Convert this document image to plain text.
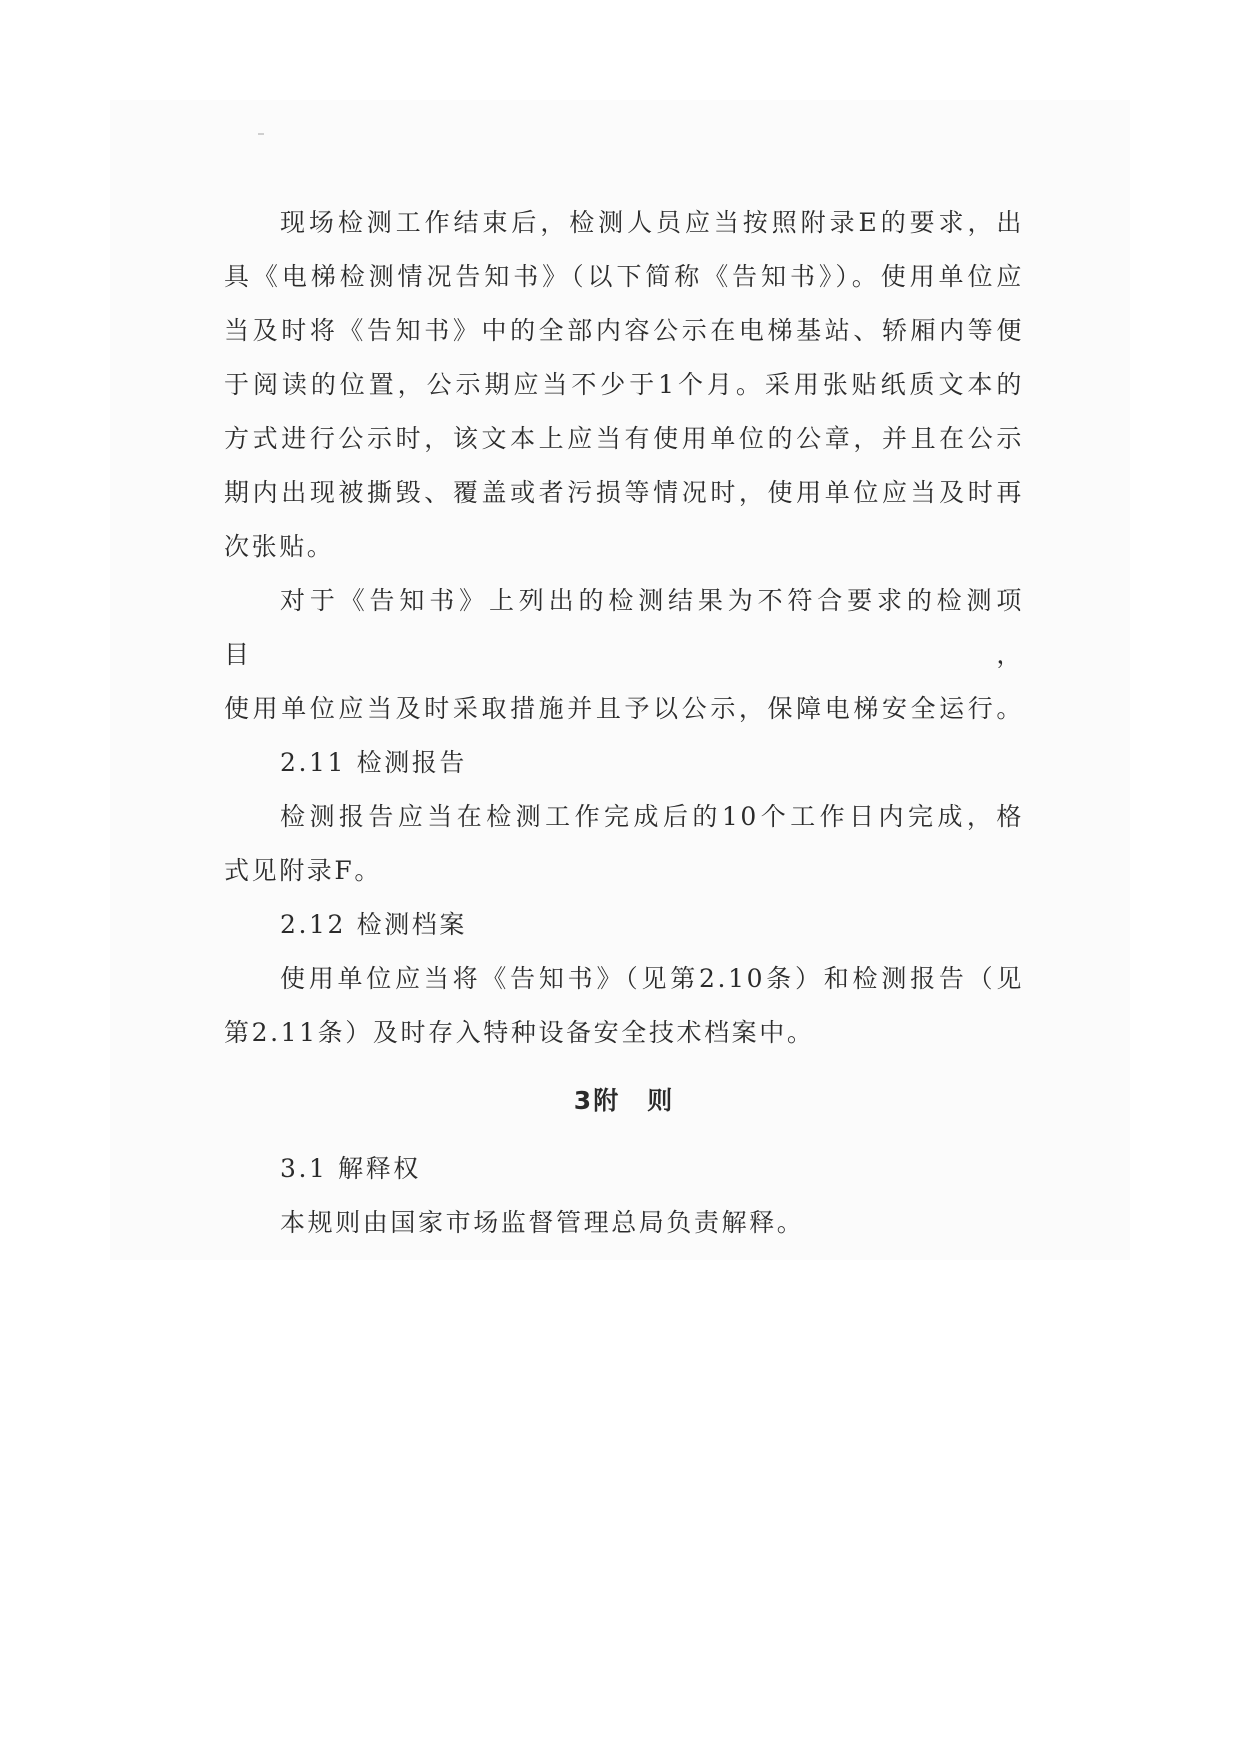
现场检测工作结束后，检测人员应当按照附录E的要求，出
具《电梯检测情况告知书》（以下简称《告知书》）。使用单位应
当及时将《告知书》中的全部内容公示在电梯基站、轿厢内等便
于阅读的位置，公示期应当不少于1个月。采用张贴纸质文本的
方式进行公示时，该文本上应当有使用单位的公章，并且在公示
期内出现被撕毁、覆盖或者污损等情况时，使用单位应当及时再
次张贴。

对于《告知书》上列出的检测结果为不符合要求的检测项目，
使用单位应当及时采取措施并且予以公示，保障电梯安全运行。

2.11 检测报告

检测报告应当在检测工作完成后的10个工作日内完成，格
式见附录F。

2.12 检测档案

使用单位应当将《告知书》（见第2.10条）和检测报告（见
第2.11条）及时存入特种设备安全技术档案中。

3附　则

3.1 解释权

本规则由国家市场监督管理总局负责解释。
